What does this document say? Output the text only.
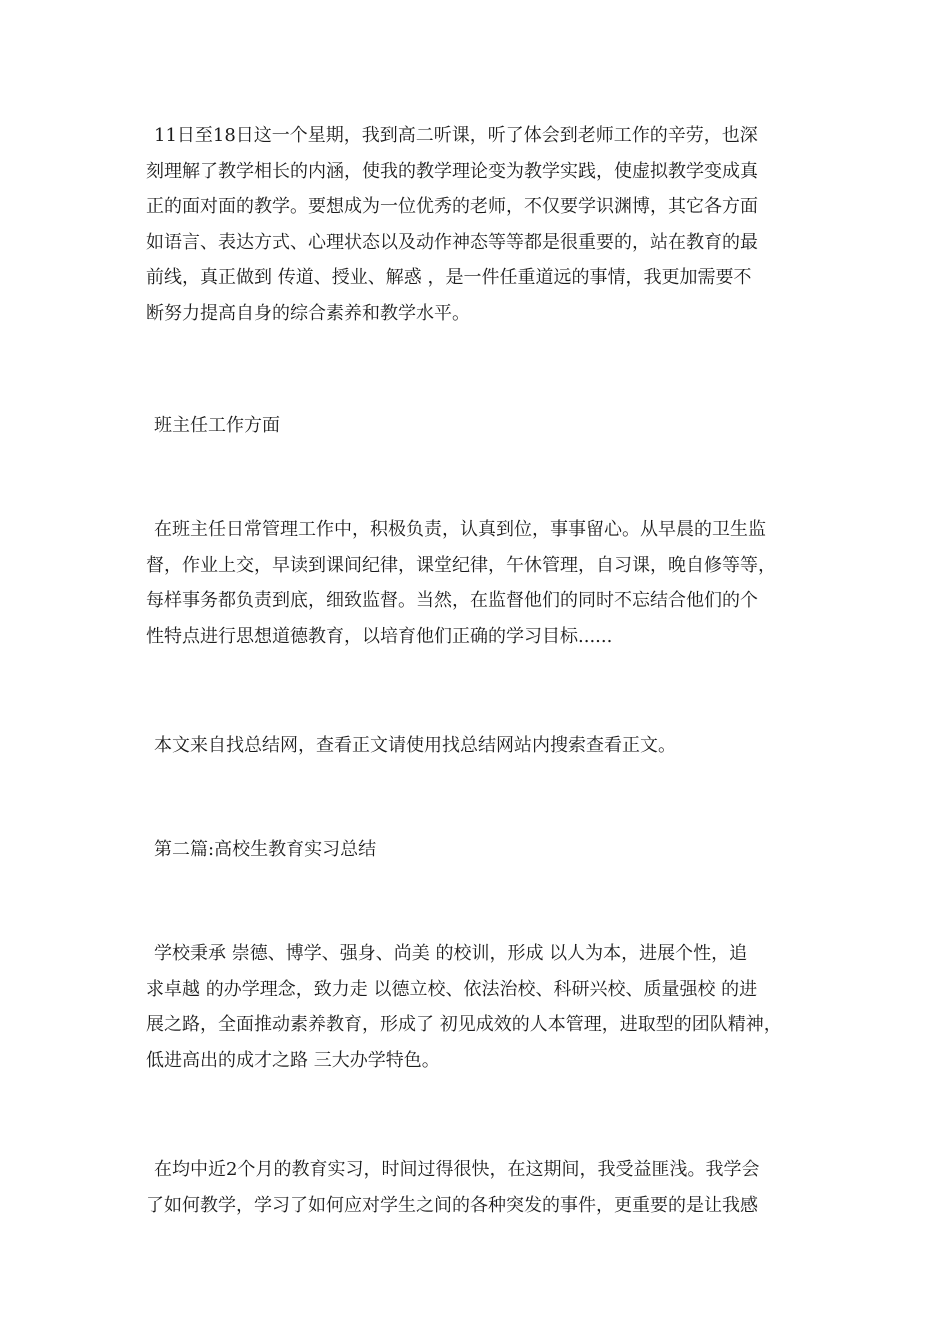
11日至18日这一个星期，我到高二听课，听了体会到老师工作的辛劳，也深
刻理解了教学相长的内涵，使我的教学理论变为教学实践，使虚拟教学变成真
正的面对面的教学。要想成为一位优秀的老师，不仅要学识渊博，其它各方面
如语言、表达方式、心理状态以及动作神态等等都是很重要的，站在教育的最
前线，真正做到 传道、授业、解惑 ，是一件任重道远的事情，我更加需要不
断努力提高自身的综合素养和教学水平。
班主任工作方面
在班主任日常管理工作中，积极负责，认真到位，事事留心。从早晨的卫生监
督，作业上交，早读到课间纪律，课堂纪律，午休管理，自习课，晚自修等等，
每样事务都负责到底，细致监督。当然，在监督他们的同时不忘结合他们的个
性特点进行思想道德教育，以培育他们正确的学习目标......
本文来自找总结网，查看正文请使用找总结网站内搜索查看正文。
第二篇:高校生教育实习总结
学校秉承 崇德、博学、强身、尚美 的校训，形成 以人为本，进展个性，追
求卓越 的办学理念，致力走 以德立校、依法治校、科研兴校、质量强校 的进
展之路，全面推动素养教育，形成了 初见成效的人本管理，进取型的团队精神，
低进高出的成才之路 三大办学特色。
在均中近2个月的教育实习，时间过得很快，在这期间，我受益匪浅。我学会
了如何教学，学习了如何应对学生之间的各种突发的事件，更重要的是让我感
